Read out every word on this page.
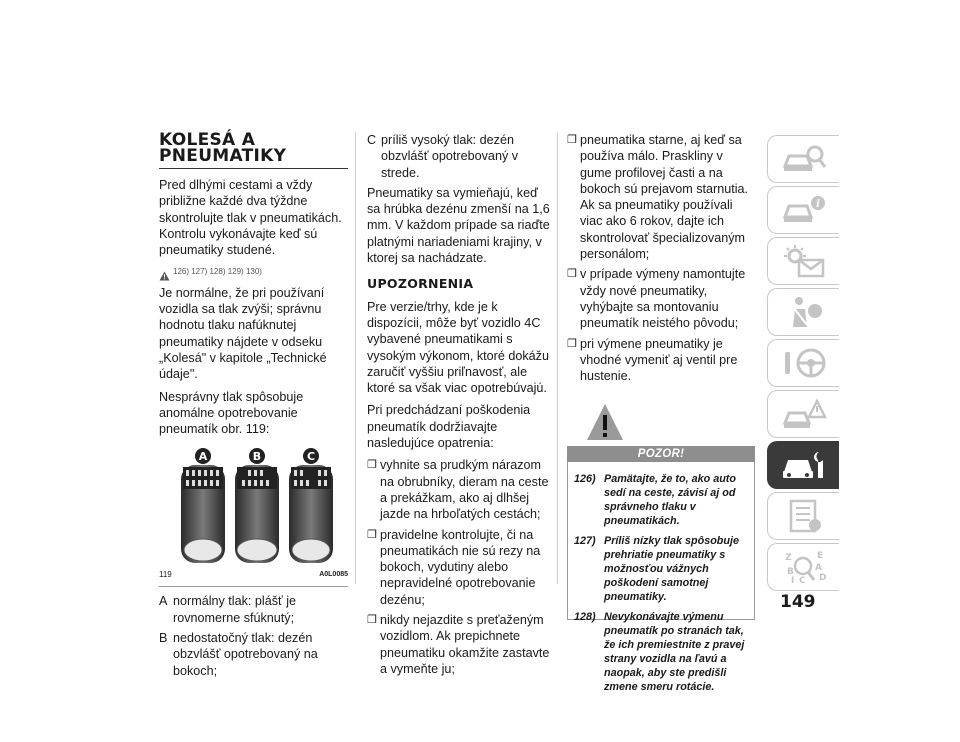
KOLESÁ A
PNEUMATIKY

Pred dlhými cestami a vždy približne každé dva týždne skontrolujte tlak v pneumatikách. Kontrolu vykonávajte keď sú pneumatiky studené.

126) 127) 128) 129) 130)

Je normálne, že pri používaní vozidla sa tlak zvýši; správnu hodnotu tlaku nafúknutej pneumatiky nájdete v odseku „Kolesá" v kapitole „Technické údaje".

Nesprávny tlak spôsobuje anomálne opotrebovanie pneumatík obr. 119:

A	B	C
119	A0L0085
A normálny tlak: plášť je rovnomerne sfúknutý;
B nedostatočný tlak: dezén obzvlášť opotrebovaný na bokoch;
C príliš vysoký tlak: dezén obzvlášť opotrebovaný v strede.

Pneumatiky sa vymieňajú, keď sa hrúbka dezénu zmenší na 1,6 mm. V každom prípade sa riaďte platnými nariadeniami krajiny, v ktorej sa nachádzate.

UPOZORNENIA

Pre verzie/trhy, kde je k dispozícii, môže byť vozidlo 4C vybavené pneumatikami s vysokým výkonom, ktoré dokážu zaručiť vyššiu priľnavosť, ale ktoré sa však viac opotrebúvajú.

Pri predchádzaní poškodenia pneumatík dodržiavajte nasledujúce opatrenia:

❐ vyhnite sa prudkým nárazom na obrubníky, dieram na ceste a prekážkam, ako aj dlhšej jazde na hrboľatých cestách;
❐ pravidelne kontrolujte, či na pneumatikách nie sú rezy na bokoch, vydutiny alebo nepravidelné opotrebovanie dezénu;
❐ nikdy nejazdite s preťaženým vozidlom. Ak prepichnete pneumatiku okamžite zastavte a vymeňte ju;
❐ pneumatika starne, aj keď sa používa málo. Praskliny v gume profilovej časti a na bokoch sú prejavom starnutia. Ak sa pneumatiky používali viac ako 6 rokov, dajte ich skontrolovať špecializovaným personálom;
❐ v prípade výmeny namontujte vždy nové pneumatiky, vyhýbajte sa montovaniu pneumatík neistého pôvodu;
❐ pri výmene pneumatiky je vhodné vymeniť aj ventil pre hustenie.
POZOR!
126) Pamätajte, že to, ako auto sedí na ceste, závisí aj od správneho tlaku v pneumatikách.
127) Príliš nízky tlak spôsobuje prehriatie pneumatiky s možnosťou vážnych poškodení samotnej pneumatiky.
128) Nevykonávajte výmenu pneumatík po stranách tak, že ich premiestnite z pravej strany vozidla na ľavú a naopak, aby ste predišli zmene smeru rotácie.
i
Z	E
B A
I C D
149
